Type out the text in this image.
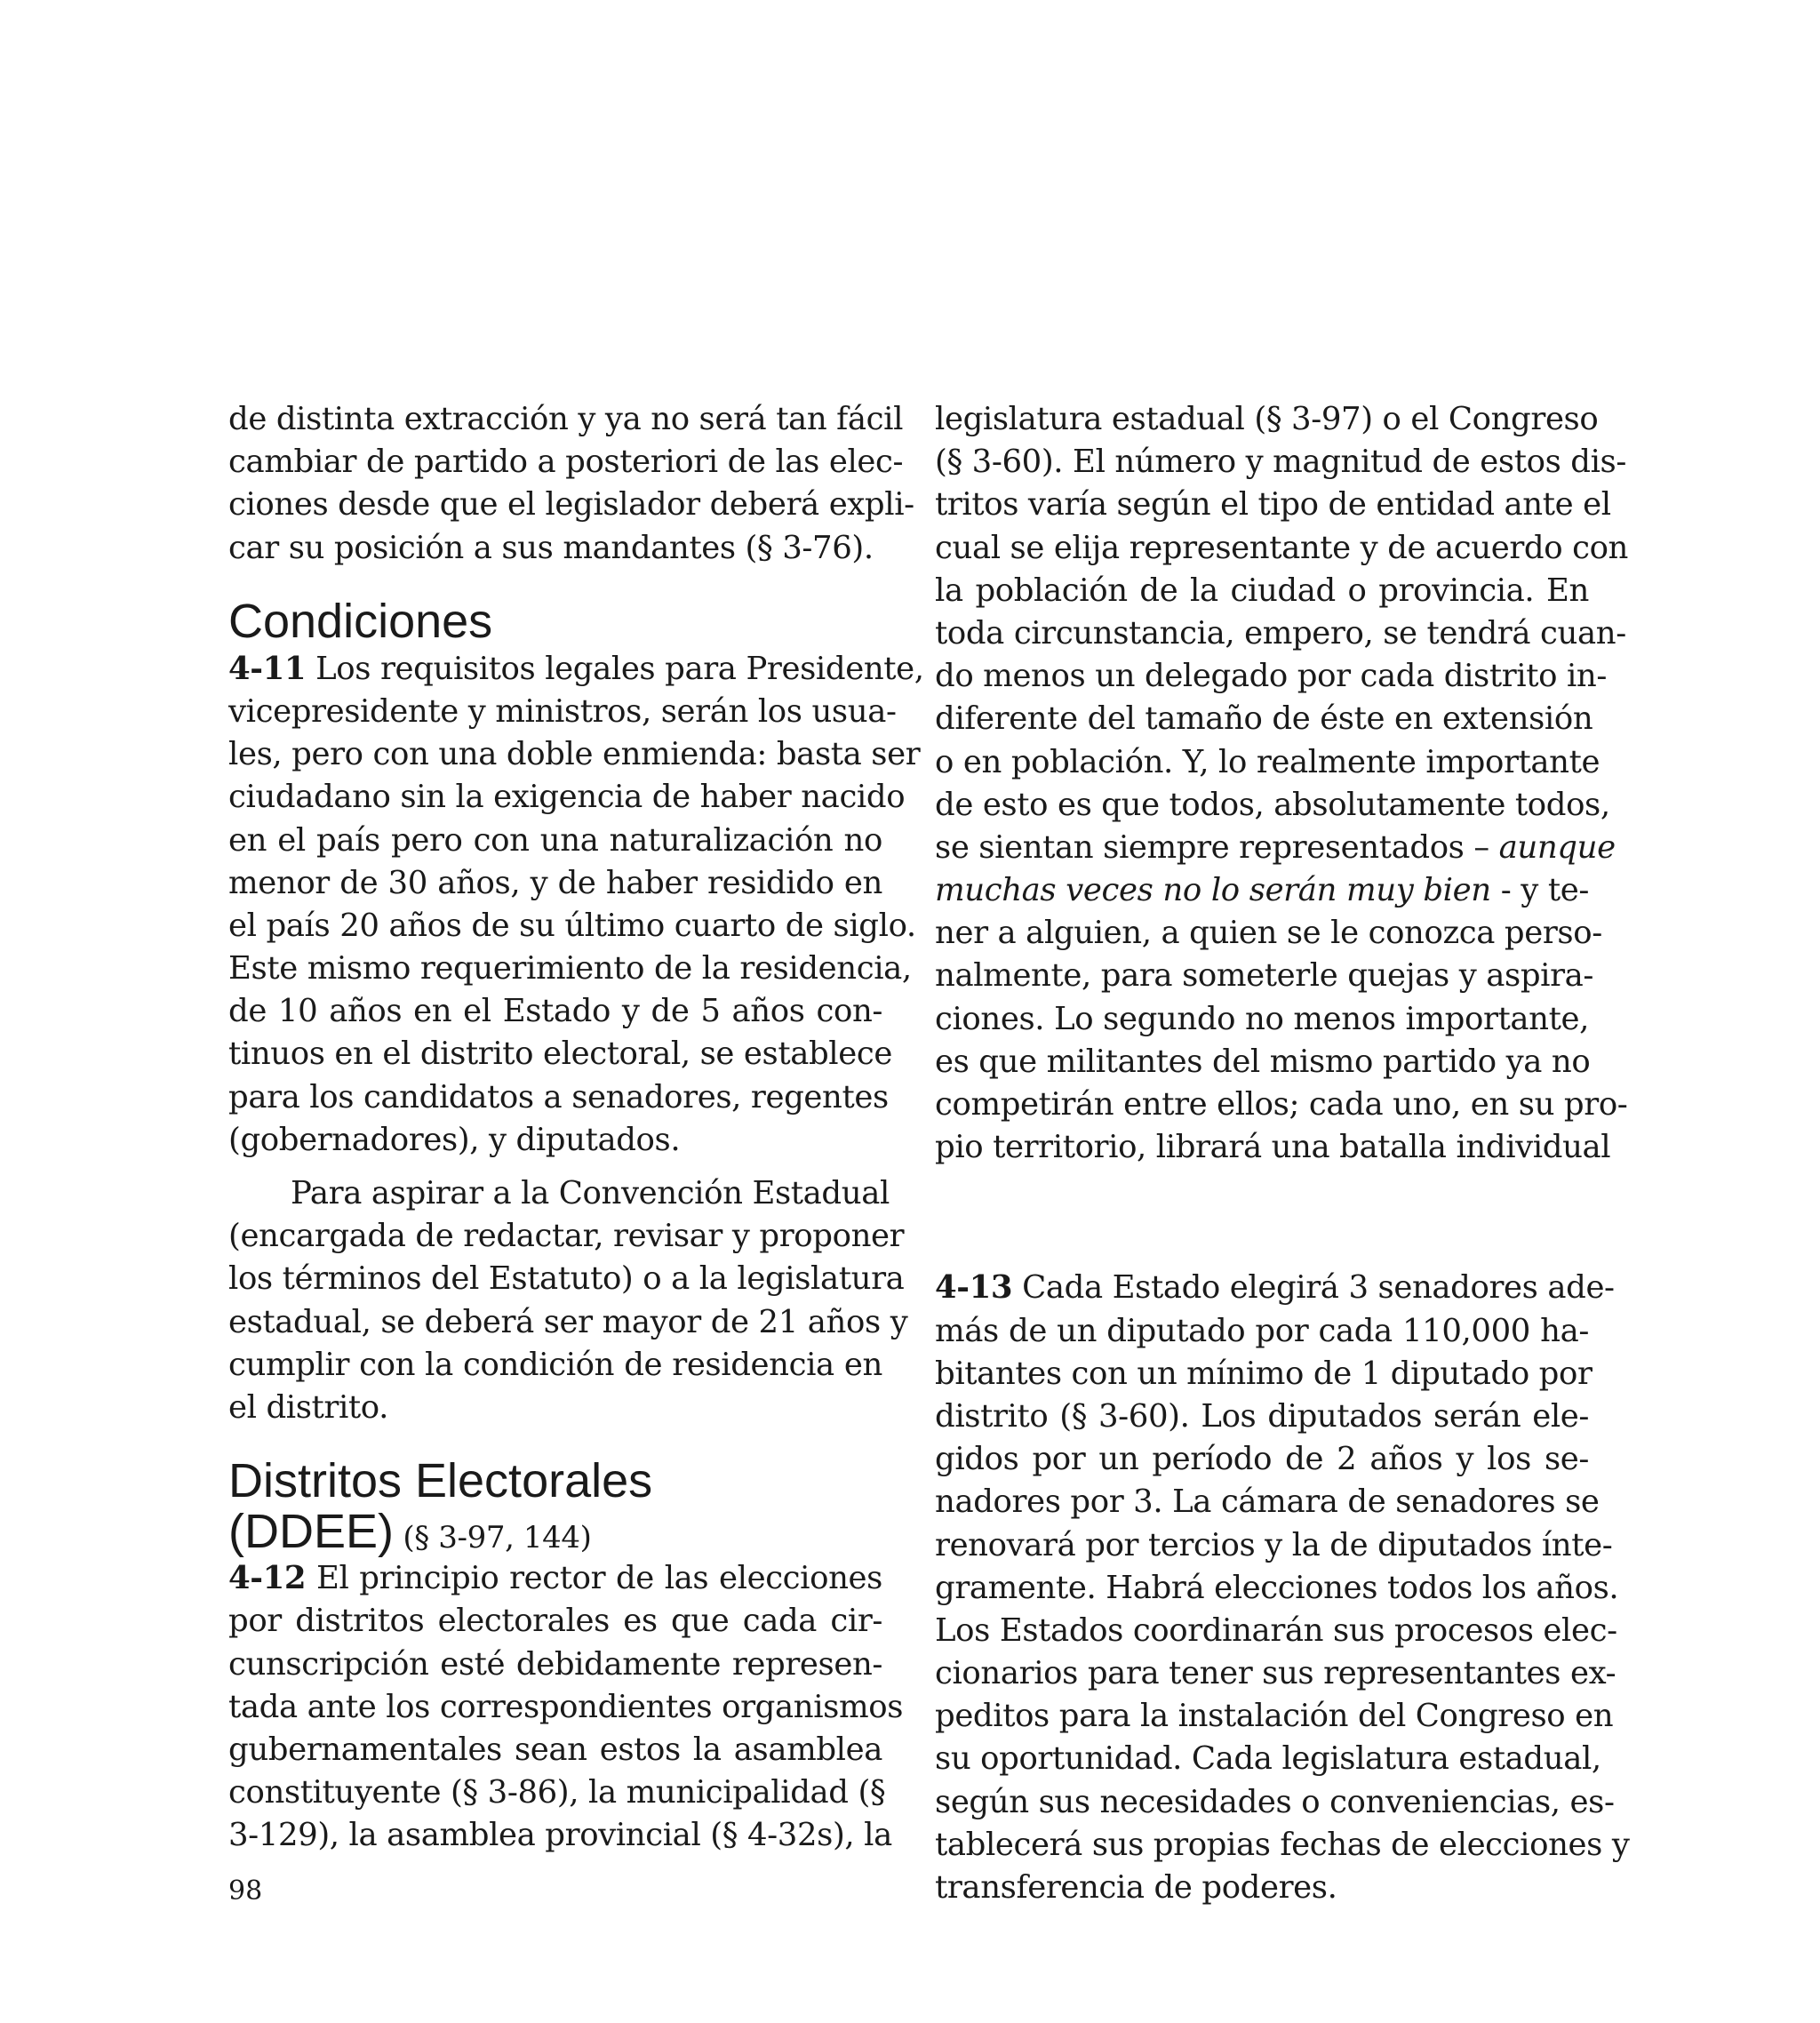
de distinta extracción y ya no será tan fácil
cambiar de partido a posteriori de las elec-
ciones desde que el legislador deberá expli-
car su posición a sus mandantes (§ 3-76).
Condiciones
4-11 Los requisitos legales para Presidente,
vicepresidente y ministros, serán los usua-
les, pero con una doble enmienda: basta ser
ciudadano sin la exigencia de haber nacido
en el país pero con una naturalización no
menor de 30 años, y de haber residido en
el país 20 años de su último cuarto de siglo.
Este mismo requerimiento de la residencia,
de 10 años en el Estado y de 5 años con-
tinuos en el distrito electoral, se establece
para los candidatos a senadores, regentes
(gobernadores), y diputados.
Para aspirar a la Convención Estadual
(encargada de redactar, revisar y proponer
los términos del Estatuto) o a la legislatura
estadual, se deberá ser mayor de 21 años y
cumplir con la condición de residencia en
el distrito.
Distritos Electorales
(DDEE) (§ 3-97, 144)
4-12 El principio rector de las elecciones
por distritos electorales es que cada cir-
cunscripción esté debidamente represen-
tada ante los correspondientes organismos
gubernamentales sean estos la asamblea
constituyente (§ 3-86), la municipalidad (§
3-129), la asamblea provincial (§ 4-32s), la
legislatura estadual (§ 3-97) o el Congreso
(§ 3-60). El número y magnitud de estos dis-
tritos varía según el tipo de entidad ante el
cual se elija representante y de acuerdo con
la población de la ciudad o provincia. En
toda circunstancia, empero, se tendrá cuan-
do menos un delegado por cada distrito in-
diferente del tamaño de éste en extensión
o en población. Y, lo realmente importante
de esto es que todos, absolutamente todos,
se sientan siempre representados – aunque
muchas veces no lo serán muy bien - y te-
ner a alguien, a quien se le conozca perso-
nalmente, para someterle quejas y aspira-
ciones. Lo segundo no menos importante,
es que militantes del mismo partido ya no
competirán entre ellos; cada uno, en su pro-
pio territorio, librará una batalla individual
4-13 Cada Estado elegirá 3 senadores ade-
más de un diputado por cada 110,000 ha-
bitantes con un mínimo de 1 diputado por
distrito (§ 3-60). Los diputados serán ele-
gidos por un período de 2 años y los se-
nadores por 3. La cámara de senadores se
renovará por tercios y la de diputados ínte-
gramente. Habrá elecciones todos los años.
Los Estados coordinarán sus procesos elec-
cionarios para tener sus representantes ex-
peditos para la instalación del Congreso en
su oportunidad. Cada legislatura estadual,
según sus necesidades o conveniencias, es-
tablecerá sus propias fechas de elecciones y
transferencia de poderes.
98
